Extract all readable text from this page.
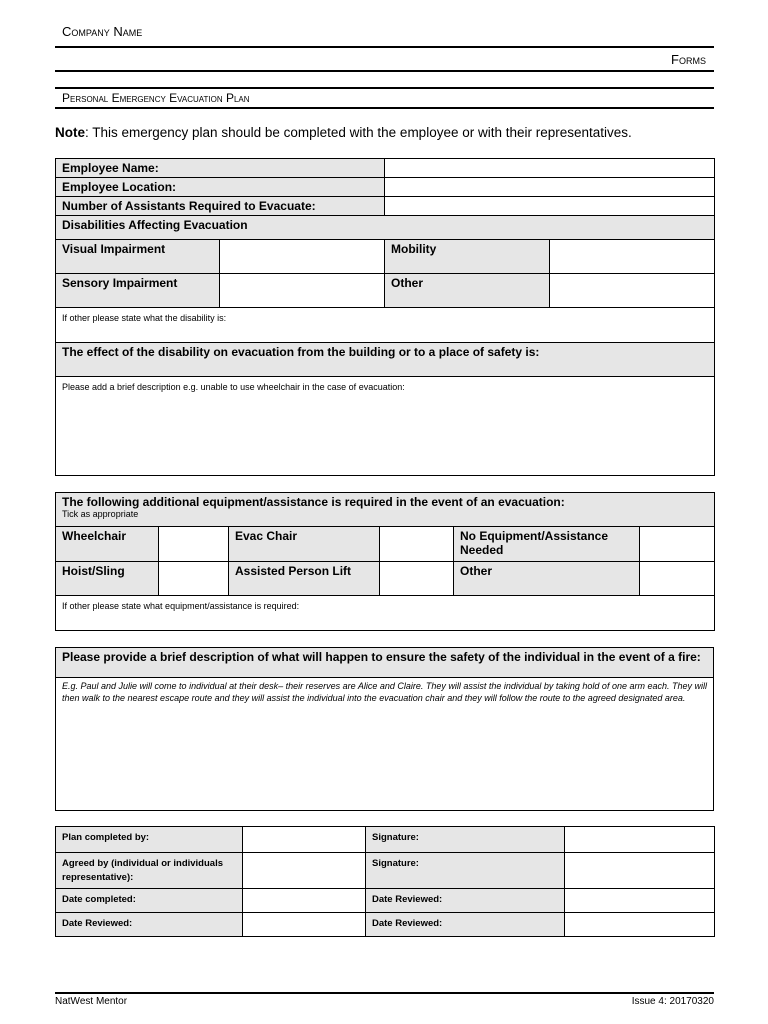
Company Name
Forms
Personal Emergency Evacuation Plan
Note: This emergency plan should be completed with the employee or with their representatives.
Employee Name:			
Employee Location:			
Number of Assistants Required to Evacuate:			
Disabilities Affecting Evacuation			
Visual Impairment		Mobility	
Sensory Impairment		Other	
If other please state what the disability is:			
The effect of the disability on evacuation from the building or to a place of safety is:			
Please add a brief description e.g. unable to use wheelchair in the case of evacuation:			
The following additional equipment/assistance is required in the event of an evacuation:
Tick as appropriate					

Wheelchair		Evac Chair		No Equipment/Assistance Needed	
Hoist/Sling		Assisted Person Lift		Other	
If other please state what equipment/assistance is required:					
Please provide a brief description of what will happen to ensure the safety of the individual in the event of a fire:

E.g. Paul and Julie will come to individual at their desk– their reserves are Alice and Claire. They will assist the individual by taking hold of one arm each. They will then walk to the nearest escape route and they will assist the individual into the evacuation chair and they will follow the route to the agreed designated area.
Plan completed by:		Signature:	
Agreed by (individual or individuals representative):		Signature:	
Date completed:		Date Reviewed:	
Date Reviewed:		Date Reviewed:	
NatWest Mentor	Issue 4: 20170320
